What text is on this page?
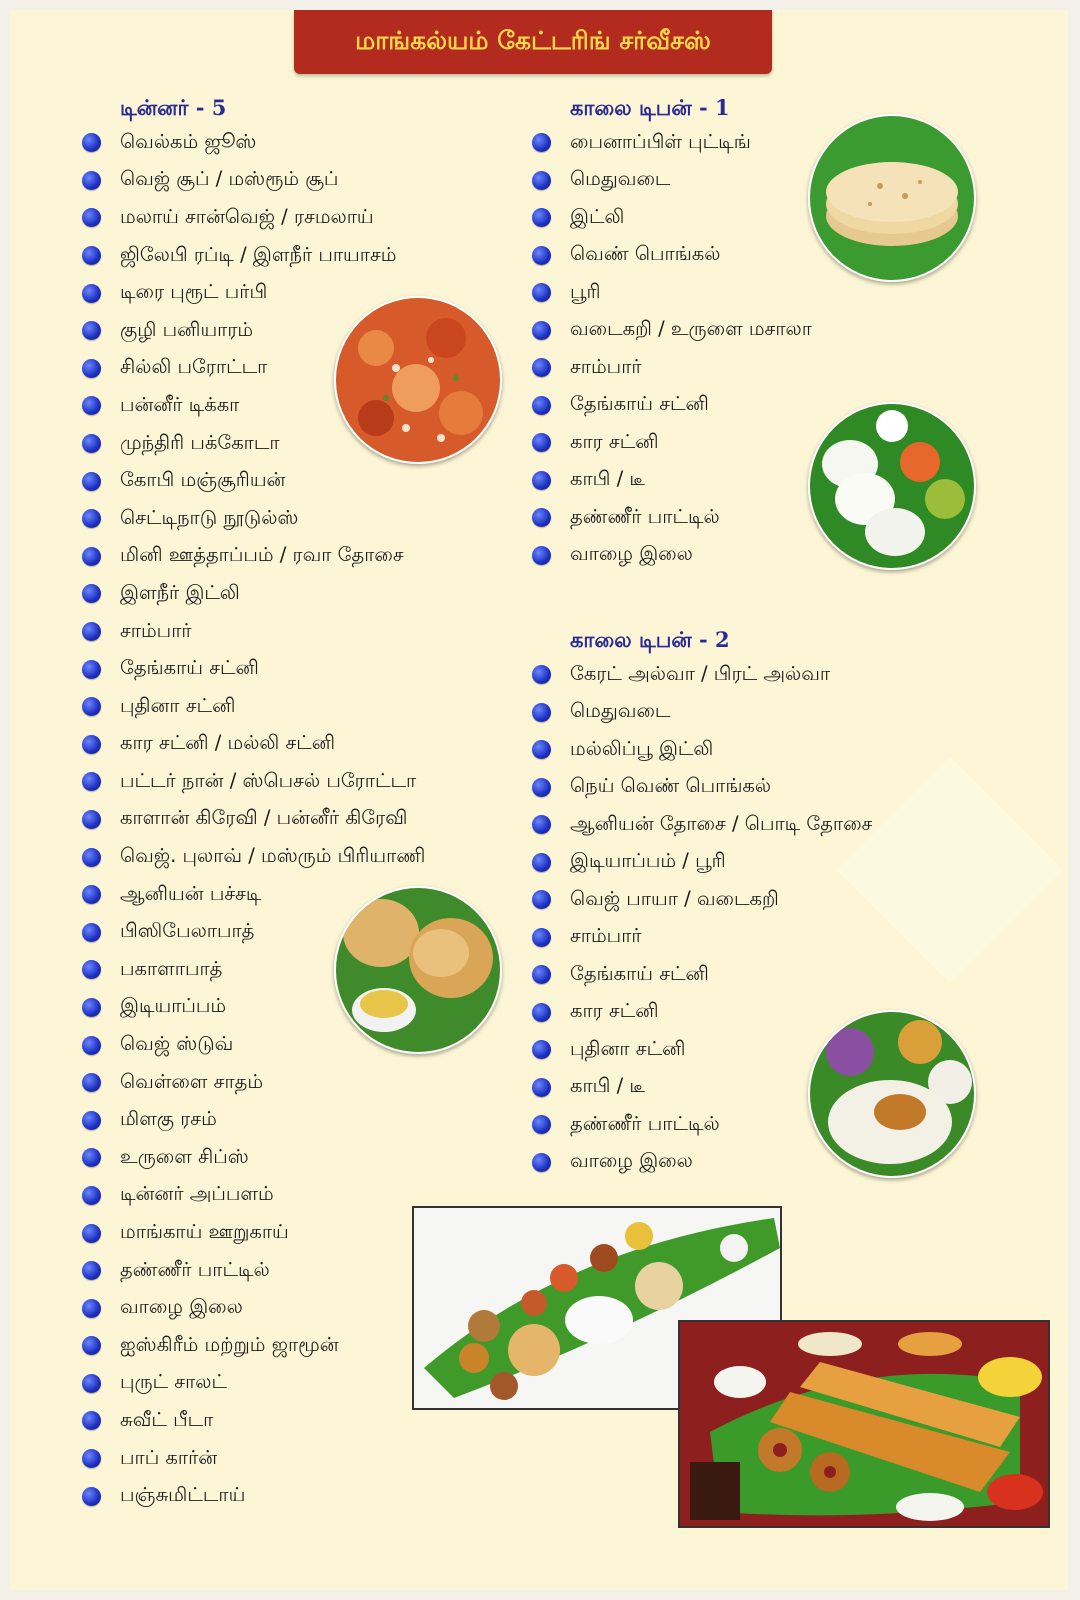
மாங்கல்யம் கேட்டரிங் சர்வீசஸ்
டின்னர் - 5
வெல்கம் ஜூஸ்
வெஜ் சூப் / மஸ்ரூம் சூப்
மலாய் சான்வெஜ் / ரசமலாய்
ஜிலேபி ரப்டி / இளநீர் பாயாசம்
டிரை புரூட் பர்பி
குழி பனியாரம்
சில்லி பரோட்டா
பன்னீர் டிக்கா
முந்திரி பக்கோடா
கோபி மஞ்சூரியன்
செட்டிநாடு நூடுல்ஸ்
மினி ஊத்தாப்பம் / ரவா தோசை
இளநீர் இட்லி
சாம்பார்
தேங்காய் சட்னி
புதினா சட்னி
கார சட்னி / மல்லி சட்னி
பட்டர் நான் / ஸ்பெசல் பரோட்டா
காளான் கிரேவி / பன்னீர் கிரேவி
வெஜ். புலாவ் / மஸ்ரும் பிரியாணி
ஆனியன் பச்சடி
பிஸிபேலாபாத்
பகாளாபாத்
இடியாப்பம்
வெஜ் ஸ்டுவ்
வெள்ளை சாதம்
மிளகு ரசம்
உருளை சிப்ஸ்
டின்னர் அப்பளம்
மாங்காய் ஊறுகாய்
தண்ணீர் பாட்டில்
வாழை இலை
ஐஸ்கிரீம் மற்றும் ஜாமூன்
புருட் சாலட்
சுவீட் பீடா
பாப் கார்ன்
பஞ்சுமிட்டாய்
காலை டிபன் - 1
பைனாப்பிள் புட்டிங்
மெதுவடை
இட்லி
வெண் பொங்கல்
பூரி
வடைகறி / உருளை மசாலா
சாம்பார்
தேங்காய் சட்னி
கார சட்னி
காபி / டீ
தண்ணீர் பாட்டில்
வாழை இலை
காலை டிபன் - 2
கேரட் அல்வா / பிரட் அல்வா
மெதுவடை
மல்லிப்பூ இட்லி
நெய் வெண் பொங்கல்
ஆனியன் தோசை / பொடி தோசை
இடியாப்பம் / பூரி
வெஜ் பாயா / வடைகறி
சாம்பார்
தேங்காய் சட்னி
கார சட்னி
புதினா சட்னி
காபி / டீ
தண்ணீர் பாட்டில்
வாழை இலை
